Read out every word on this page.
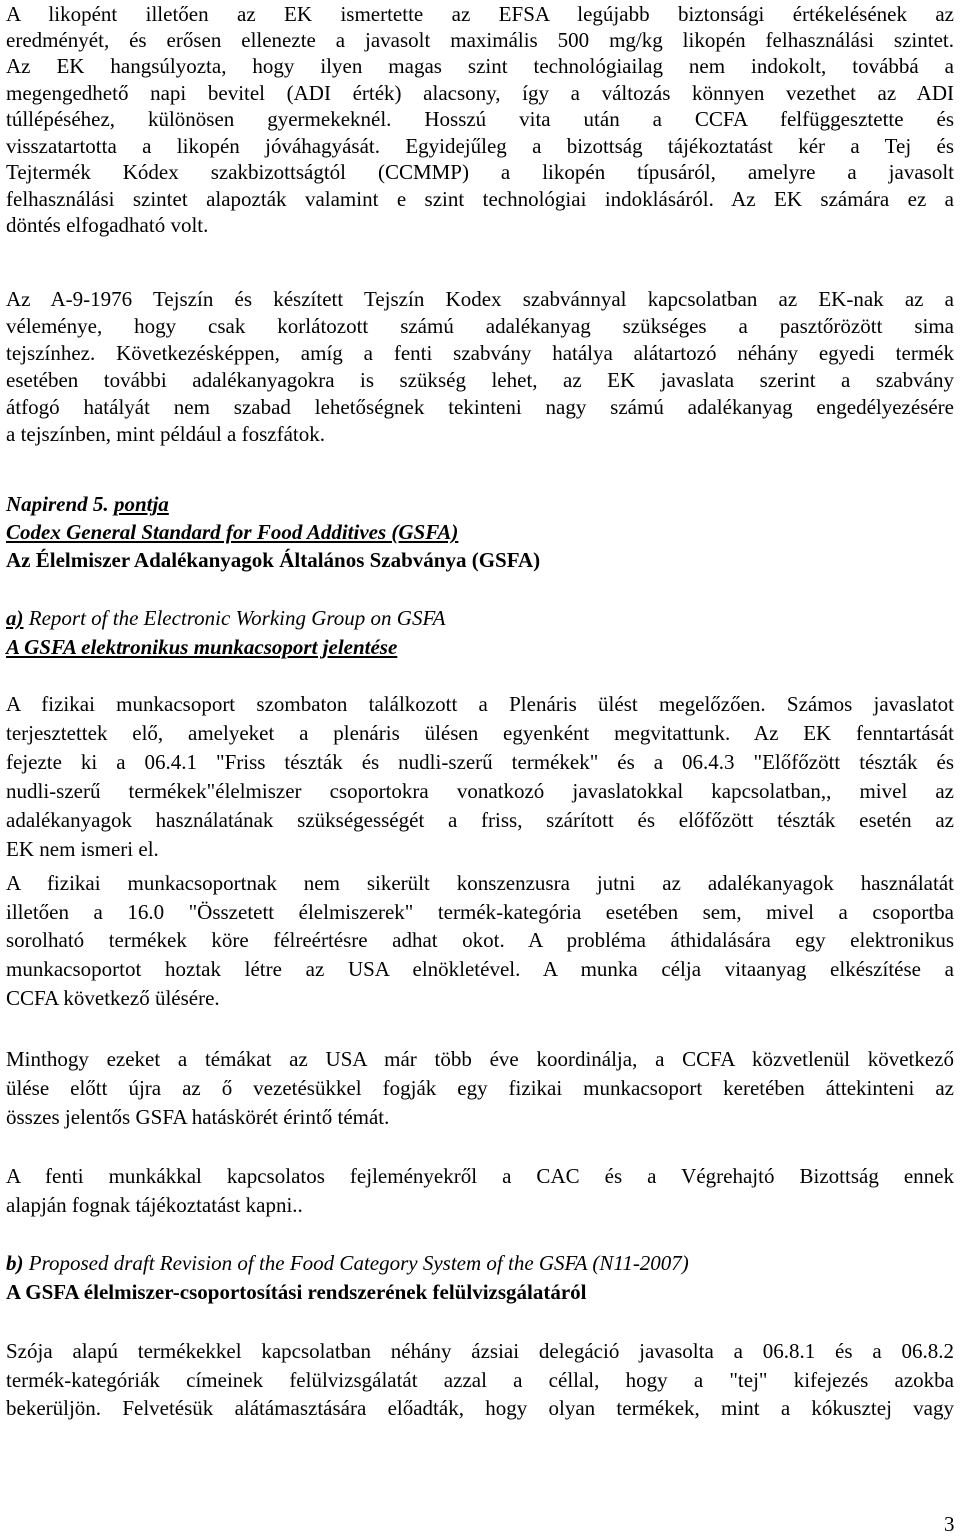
A likopént illetően az EK ismertette az EFSA legújabb biztonsági értékelésének az
eredményét, és erősen ellenezte a javasolt maximális 500 mg/kg likopén felhasználási szintet.
Az EK hangsúlyozta, hogy ilyen magas szint technológiailag nem indokolt, továbbá a
megengedhető napi bevitel (ADI érték) alacsony, így a változás könnyen vezethet az ADI
túllépéséhez, különösen gyermekeknél. Hosszú vita után a CCFA felfüggesztette és
visszatartotta a likopén jóváhagyását. Egyidejűleg a bizottság tájékoztatást kér a Tej és
Tejtermék Kódex szakbizottságtól (CCMMP) a likopén típusáról, amelyre a javasolt
felhasználási szintet alapozták valamint e szint technológiai indoklásáról. Az EK számára ez a
döntés elfogadható volt.
Az A-9-1976 Tejszín és készített Tejszín Kodex szabvánnyal kapcsolatban az EK-nak az a
véleménye, hogy csak korlátozott számú adalékanyag szükséges a pasztőrözött sima
tejszínhez. Következésképpen, amíg a fenti szabvány hatálya alátartozó néhány egyedi termék
esetében további adalékanyagokra is szükség lehet, az EK javaslata szerint a szabvány
átfogó hatályát nem szabad lehetőségnek tekinteni nagy számú adalékanyag engedélyezésére
a tejszínben, mint például a foszfátok.
Napirend 5. pontja
Codex General Standard for Food Additives (GSFA)
Az Élelmiszer Adalékanyagok Általános Szabványa (GSFA)
a) Report of the Electronic Working Group on GSFA
A GSFA elektronikus munkacsoport jelentése
A fizikai munkacsoport szombaton találkozott a Plenáris ülést megelőzően. Számos javaslatot
terjesztettek elő, amelyeket a plenáris ülésen egyenként megvitattunk. Az EK fenntartását
fejezte ki a 06.4.1 "Friss tészták és nudli-szerű termékek" és a 06.4.3 "Előfőzött tészták és
nudli-szerű termékek"élelmiszer csoportokra vonatkozó javaslatokkal kapcsolatban,, mivel az
adalékanyagok használatának szükségességét a friss, szárított és előfőzött tészták esetén az
EK nem ismeri el.
A fizikai munkacsoportnak nem sikerült konszenzusra jutni az adalékanyagok használatát
illetően a 16.0 "Összetett élelmiszerek" termék-kategória esetében sem, mivel a csoportba
sorolható termékek köre félreértésre adhat okot. A probléma áthidalására egy elektronikus
munkacsoportot hoztak létre az USA elnökletével. A munka célja vitaanyag elkészítése a
CCFA következő ülésére.
Minthogy ezeket a témákat az USA már több éve koordinálja, a CCFA közvetlenül következő
ülése előtt újra az ő vezetésükkel fogják egy fizikai munkacsoport keretében áttekinteni az
összes jelentős GSFA hatáskörét érintő témát.
A fenti munkákkal kapcsolatos fejleményekről a CAC és a Végrehajtó Bizottság ennek
alapján fognak tájékoztatást kapni..
b) Proposed draft Revision of the Food Category System of the GSFA (N11-2007)
A GSFA élelmiszer-csoportosítási rendszerének felülvizsgálatáról
Szója alapú termékekkel kapcsolatban néhány ázsiai delegáció javasolta a 06.8.1 és a 06.8.2
termék-kategóriák címeinek felülvizsgálatát azzal a céllal, hogy a "tej" kifejezés azokba
bekerüljön. Felvetésük alátámasztására előadták, hogy olyan termékek, mint a kókusztej vagy
3
